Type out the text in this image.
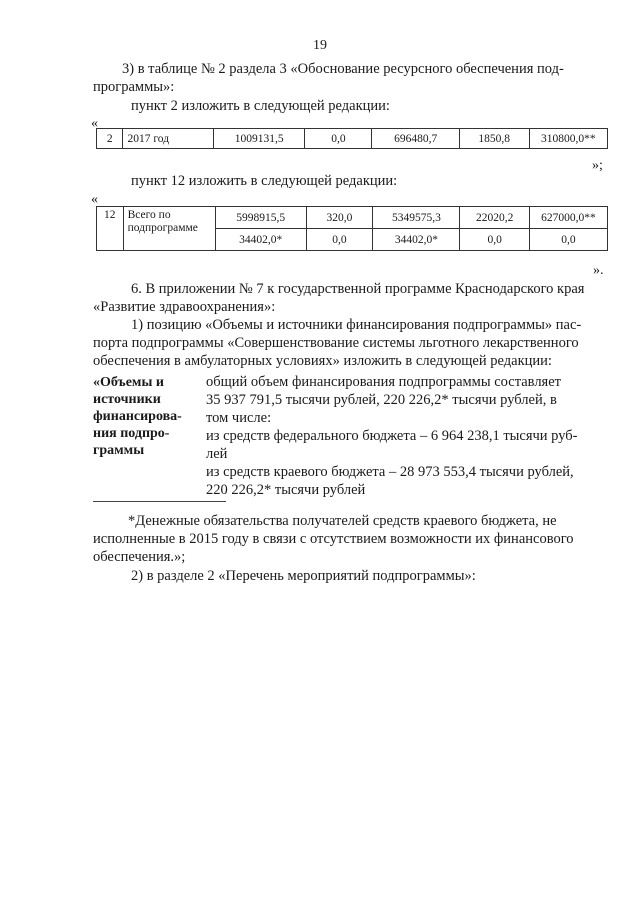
19
3) в таблице № 2 раздела 3 «Обоснование ресурсного обеспечения под-
программы»:
пункт 2 изложить в следующей редакции:
«
2	2017 год	1009131,5	0,0	696480,7	1850,8	310800,0**
»;
пункт 12 изложить в следующей редакции:
«
12	Всего по
подпрограмме	5998915,5	320,0	5349575,3	22020,2	627000,0**
		34402,0*	0,0	34402,0*	0,0	0,0
».
6. В приложении № 7 к государственной программе Краснодарского края
«Развитие здравоохранения»:
1) позицию «Объемы и источники финансирования подпрограммы» пас-
порта подпрограммы «Совершенствование системы льготного лекарственного
обеспечения в амбулаторных условиях» изложить в следующей редакции:
«Объемы и
источники
финансирова-
ния подпро-
граммы
общий объем финансирования подпрограммы составляет
35 937 791,5 тысячи рублей, 220 226,2* тысячи рублей, в
том числе:
из средств федерального бюджета – 6 964 238,1 тысячи руб-
лей
из средств краевого бюджета – 28 973 553,4 тысячи рублей,
220 226,2* тысячи рублей
*Денежные обязательства получателей средств краевого бюджета, не
исполненные в 2015 году в связи с отсутствием возможности их финансового
обеспечения.»;
2) в разделе 2 «Перечень мероприятий подпрограммы»:
